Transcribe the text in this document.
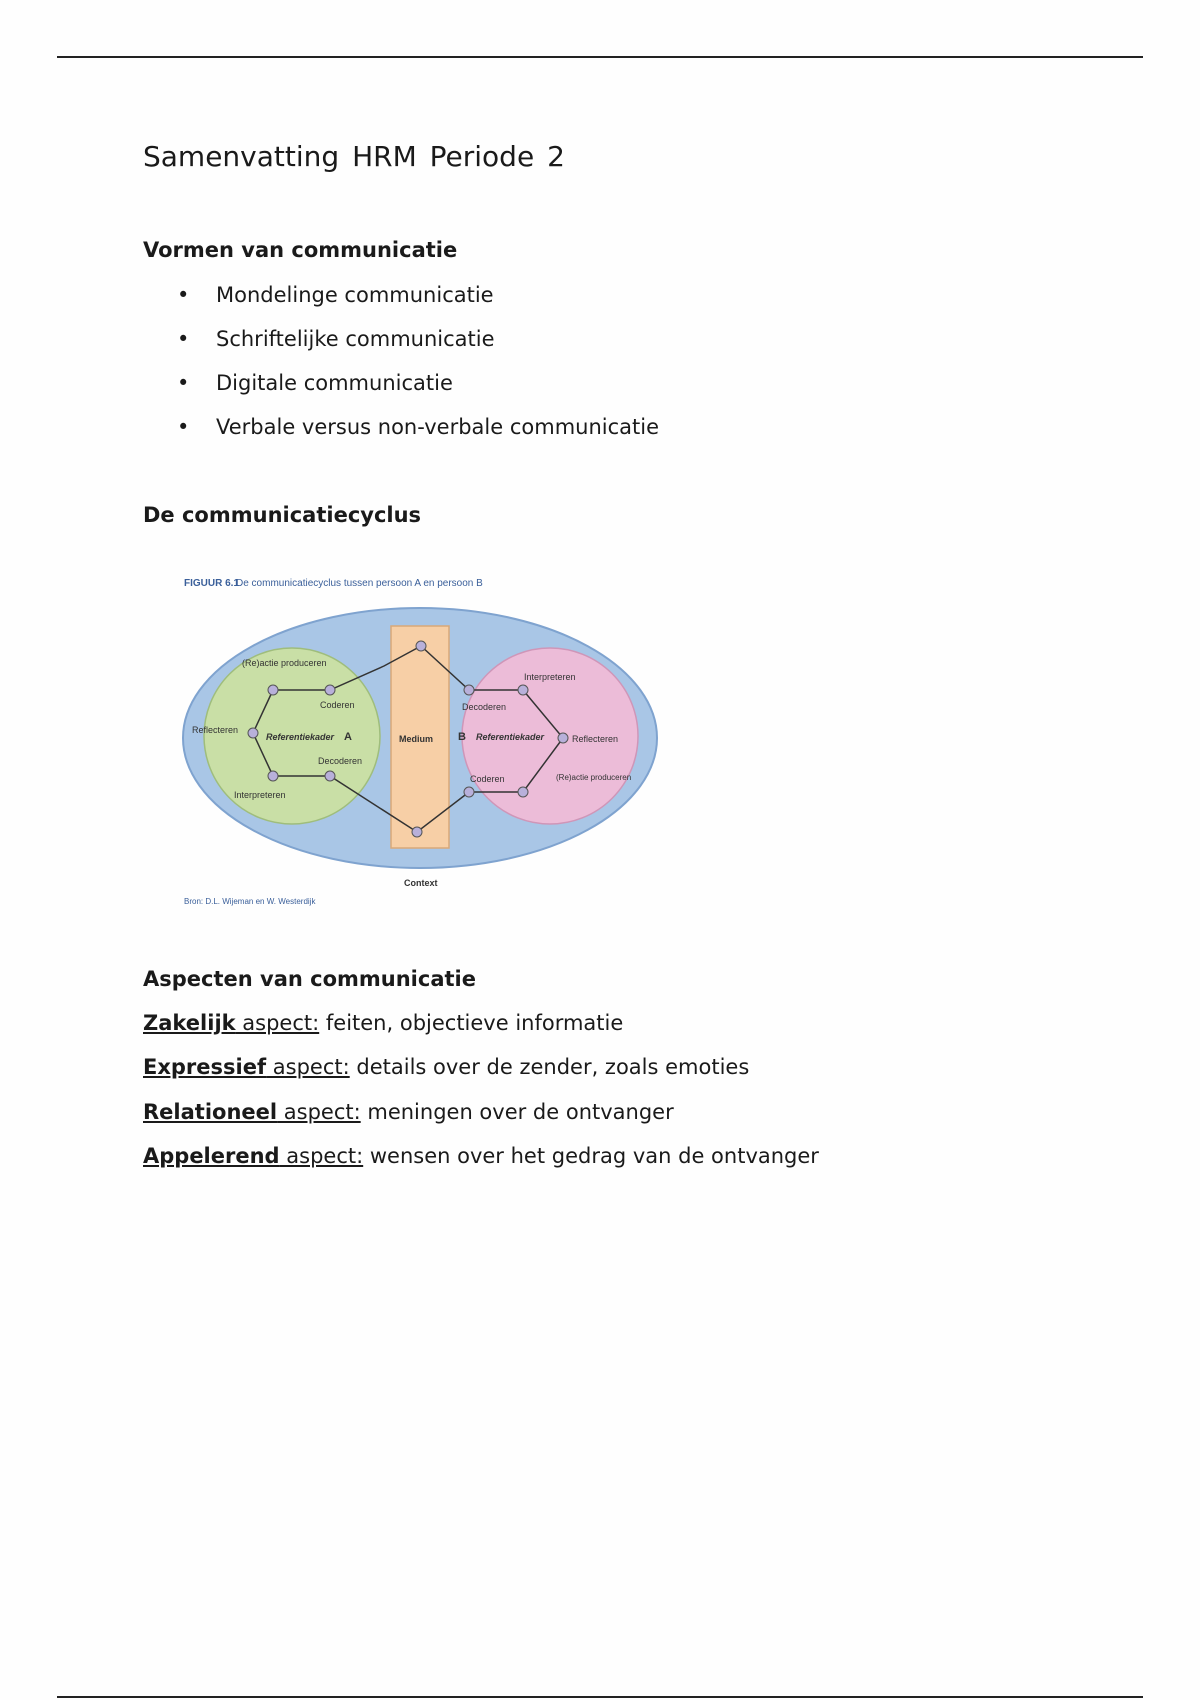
Samenvatting HRM Periode 2
Vormen van communicatie
• Mondelinge communicatie
• Schriftelijke communicatie
• Digitale communicatie
• Verbale versus non-verbale communicatie
De communicatiecyclus
FIGUUR 6.1
De communicatiecyclus tussen persoon A en persoon B
(Re)actie produceren
Coderen
Reflecteren
Referentiekader A
Decoderen
Interpreteren
Medium
Interpreteren
Decoderen
B Referentiekader	Reflecteren
Coderen	(Re)actie produceren
Context
Bron: D.L. Wijeman en W. Westerdijk
Aspecten van communicatie

Zakelijk aspect: feiten, objectieve informatie

Expressief aspect: details over de zender, zoals emoties

Relationeel aspect: meningen over de ontvanger

Appelerend aspect: wensen over het gedrag van de ontvanger
